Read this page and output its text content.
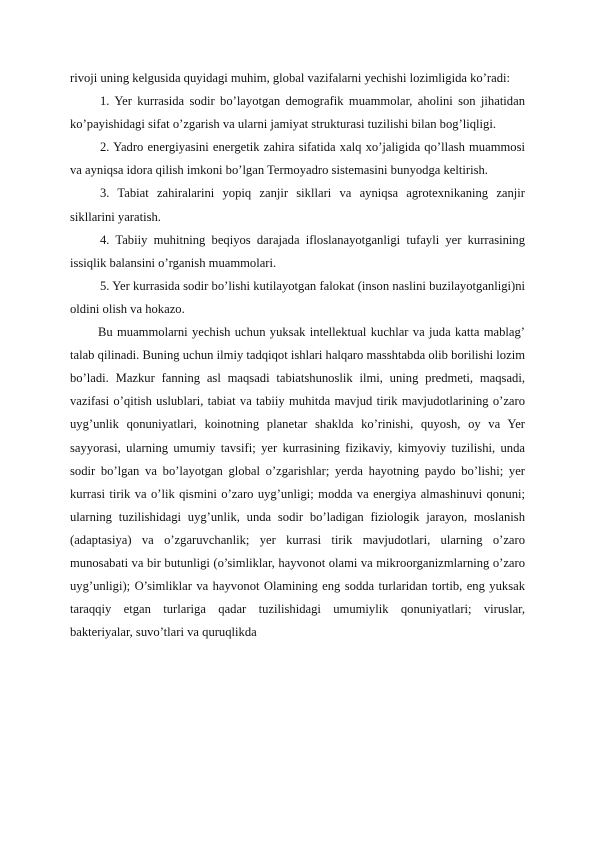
rivoji uning kelgusida quyidagi muhim, global vazifalarni yechishi lozimligida ko’radi:

1. Yer kurrasida sodir bo’layotgan demografik muammolar, aholini son jihatidan ko’payishidagi sifat o’zgarish va ularni jamiyat strukturasi tuzilishi bilan bog’liqligi.

2. Yadro energiyasini energetik zahira sifatida xalq xo’jaligida qo’llash muammosi va ayniqsa idora qilish imkoni bo’lgan Termoyadro sistemasini bunyodga keltirish.

3. Tabiat zahiralarini yopiq zanjir sikllari va ayniqsa agrotexnikaning zanjir sikllarini yaratish.

4. Tabiiy muhitning beqiyos darajada ifloslanayotganligi tufayli yer kurrasining issiqlik balansini o’rganish muammolari.

5. Yer kurrasida sodir bo’lishi kutilayotgan falokat (inson naslini buzilayotganligi)ni oldini olish va hokazo.

Bu muammolarni yechish uchun yuksak intellektual kuchlar va juda katta mablag’ talab qilinadi. Buning uchun ilmiy tadqiqot ishlari halqaro masshtabda olib borilishi lozim bo’ladi. Mazkur fanning asl maqsadi tabiatshunoslik ilmi, uning predmeti, maqsadi, vazifasi o’qitish uslublari, tabiat va tabiiy muhitda mavjud tirik mavjudotlarining o’zaro uyg’unlik qonuniyatlari, koinotning planetar shaklda ko’rinishi, quyosh, oy va Yer sayyorasi, ularning umumiy tavsifi; yer kurrasining fizikaviy, kimyoviy tuzilishi, unda sodir bo’lgan va bo’layotgan global o’zgarishlar; yerda hayotning paydo bo’lishi; yer kurrasi tirik va o’lik qismini o’zaro uyg’unligi; modda va energiya almashinuvi qonuni; ularning tuzilishidagi uyg’unlik, unda sodir bo’ladigan fiziologik jarayon, moslanish (adaptasiya) va o’zgaruvchanlik; yer kurrasi tirik mavjudotlari, ularning o’zaro munosabati va bir butunligi (o’simliklar, hayvonot olami va mikroorganizmlarning o’zaro uyg’unligi); O’simliklar va hayvonot Olamining eng sodda turlaridan tortib, eng yuksak taraqqiy etgan turlariga qadar tuzilishidagi umumiylik qonuniyatlari; viruslar, bakteriyalar, suvo’tlari va quruqlikda
